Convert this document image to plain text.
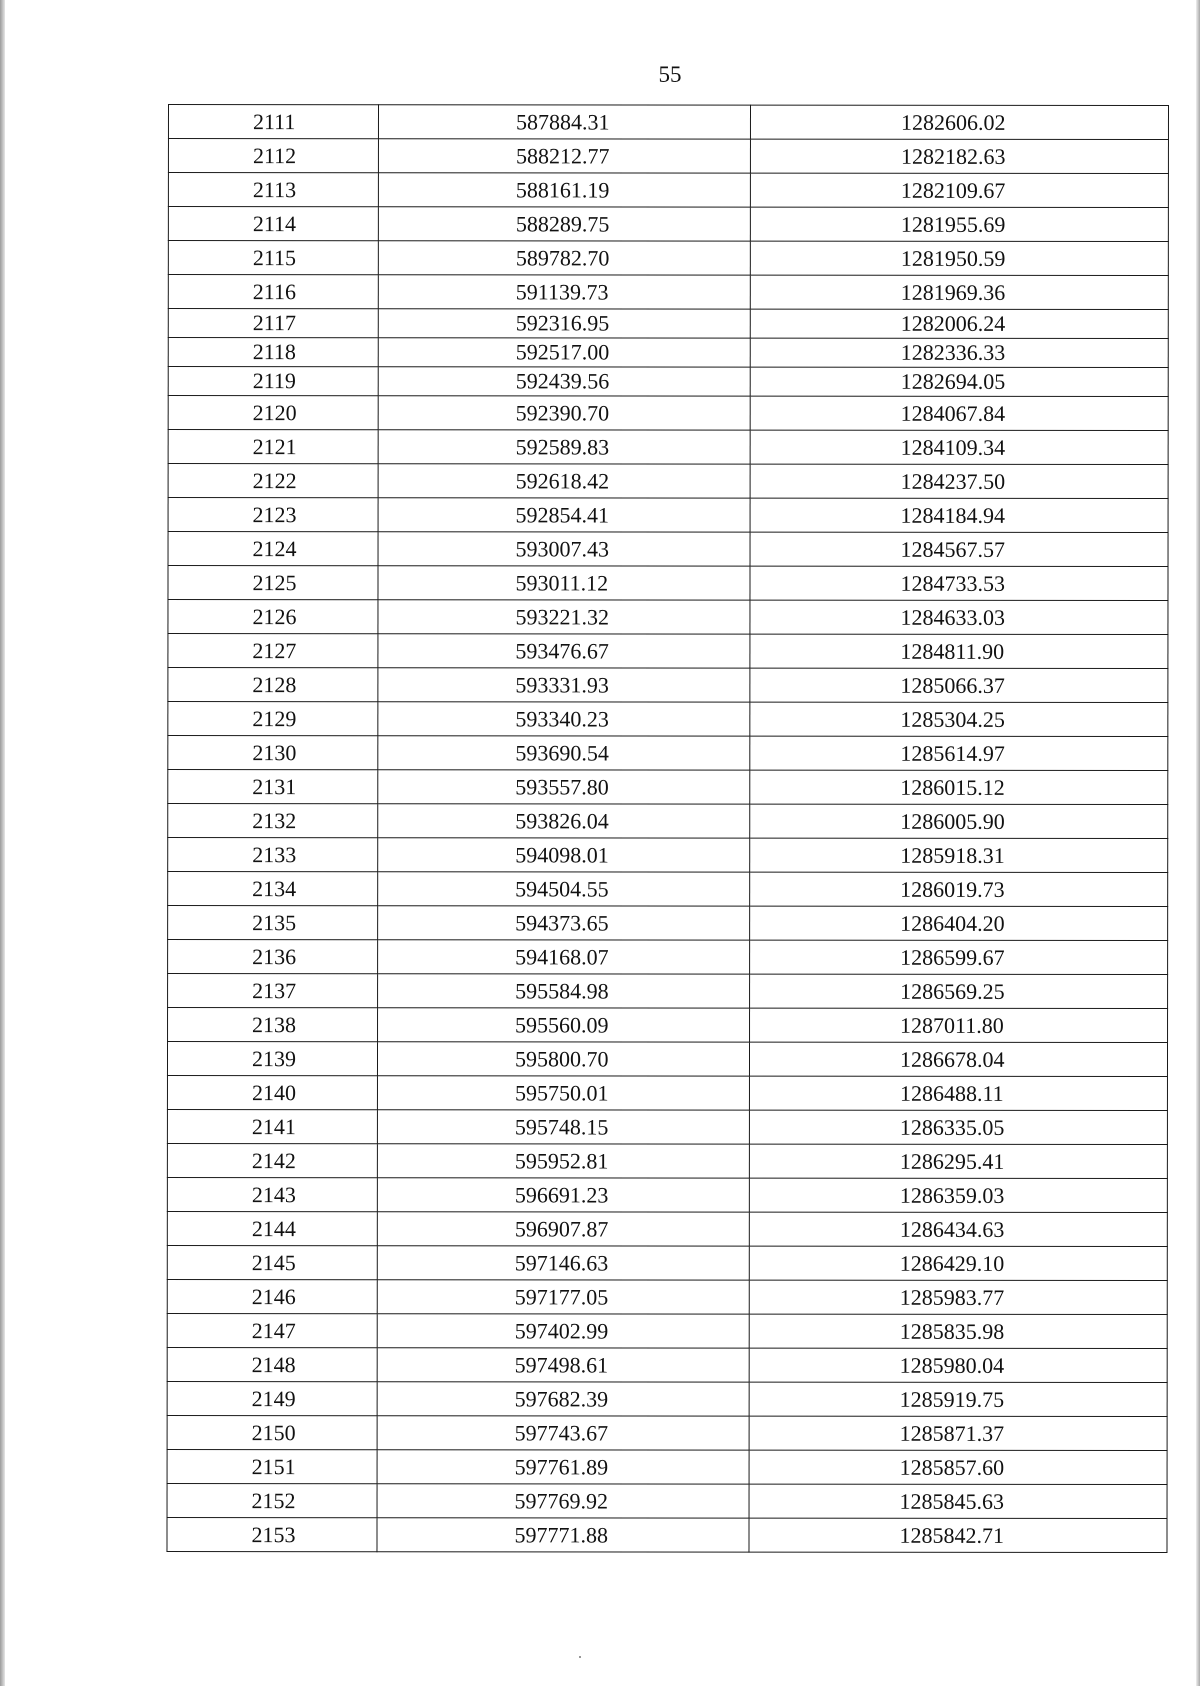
55
2111	587884.31	1282606.02
2112	588212.77	1282182.63
2113	588161.19	1282109.67
2114	588289.75	1281955.69
2115	589782.70	1281950.59
2116	591139.73	1281969.36
2117	592316.95	1282006.24
2118	592517.00	1282336.33
2119	592439.56	1282694.05
2120	592390.70	1284067.84
2121	592589.83	1284109.34
2122	592618.42	1284237.50
2123	592854.41	1284184.94
2124	593007.43	1284567.57
2125	593011.12	1284733.53
2126	593221.32	1284633.03
2127	593476.67	1284811.90
2128	593331.93	1285066.37
2129	593340.23	1285304.25
2130	593690.54	1285614.97
2131	593557.80	1286015.12
2132	593826.04	1286005.90
2133	594098.01	1285918.31
2134	594504.55	1286019.73
2135	594373.65	1286404.20
2136	594168.07	1286599.67
2137	595584.98	1286569.25
2138	595560.09	1287011.80
2139	595800.70	1286678.04
2140	595750.01	1286488.11
2141	595748.15	1286335.05
2142	595952.81	1286295.41
2143	596691.23	1286359.03
2144	596907.87	1286434.63
2145	597146.63	1286429.10
2146	597177.05	1285983.77
2147	597402.99	1285835.98
2148	597498.61	1285980.04
2149	597682.39	1285919.75
2150	597743.67	1285871.37
2151	597761.89	1285857.60
2152	597769.92	1285845.63
2153	597771.88	1285842.71
